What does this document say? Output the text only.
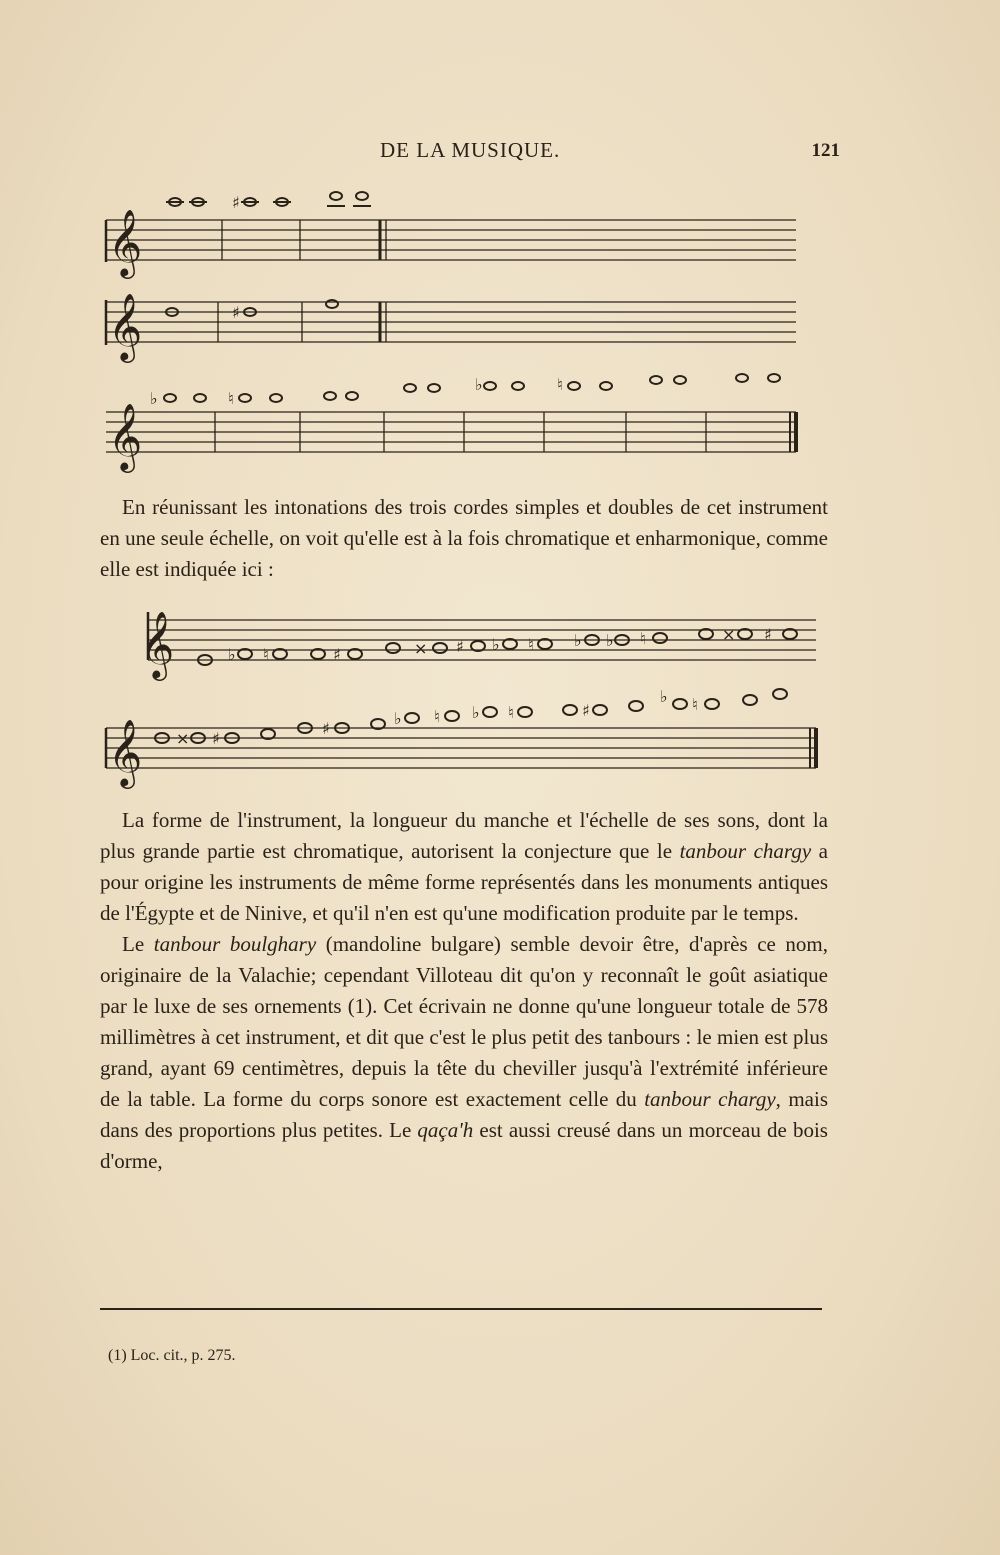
DE LA MUSIQUE.	121
𝄞
𝄞
𝄞
𝄞
𝄞
♯
♯
♭	♮
♭	♮
♭ ♮	♯	× ♯ ♭ ♮	♭ ♭ ♮	× ♯
× ♯
♯
♭ ♮ ♭ ♮	♯
♭ ♮

En réunissant les intonations des trois cordes simples et doubles de cet instrument en une seule échelle, on voit qu'elle est à la fois chromatique et enharmonique, comme elle est indiquée ici :

La forme de l'instrument, la longueur du manche et l'échelle de ses sons, dont la plus grande partie est chromatique, autorisent la conjecture que le tanbour chargy a pour origine les instruments de même forme représentés dans les monuments antiques de l'Égypte et de Ninive, et qu'il n'en est qu'une modification produite par le temps.

Le tanbour boulghary (mandoline bulgare) semble devoir être, d'après ce nom, originaire de la Valachie; cependant Villoteau dit qu'on y reconnaît le goût asiatique par le luxe de ses ornements (1). Cet écrivain ne donne qu'une longueur totale de 578 millimètres à cet instrument, et dit que c'est le plus petit des tanbours : le mien est plus grand, ayant 69 centimètres, depuis la tête du cheviller jusqu'à l'extrémité inférieure de la table. La forme du corps sonore est exactement celle du tanbour chargy, mais dans des proportions plus petites. Le qaça'h est aussi creusé dans un morceau de bois d'orme,

(1) Loc. cit., p. 275.
